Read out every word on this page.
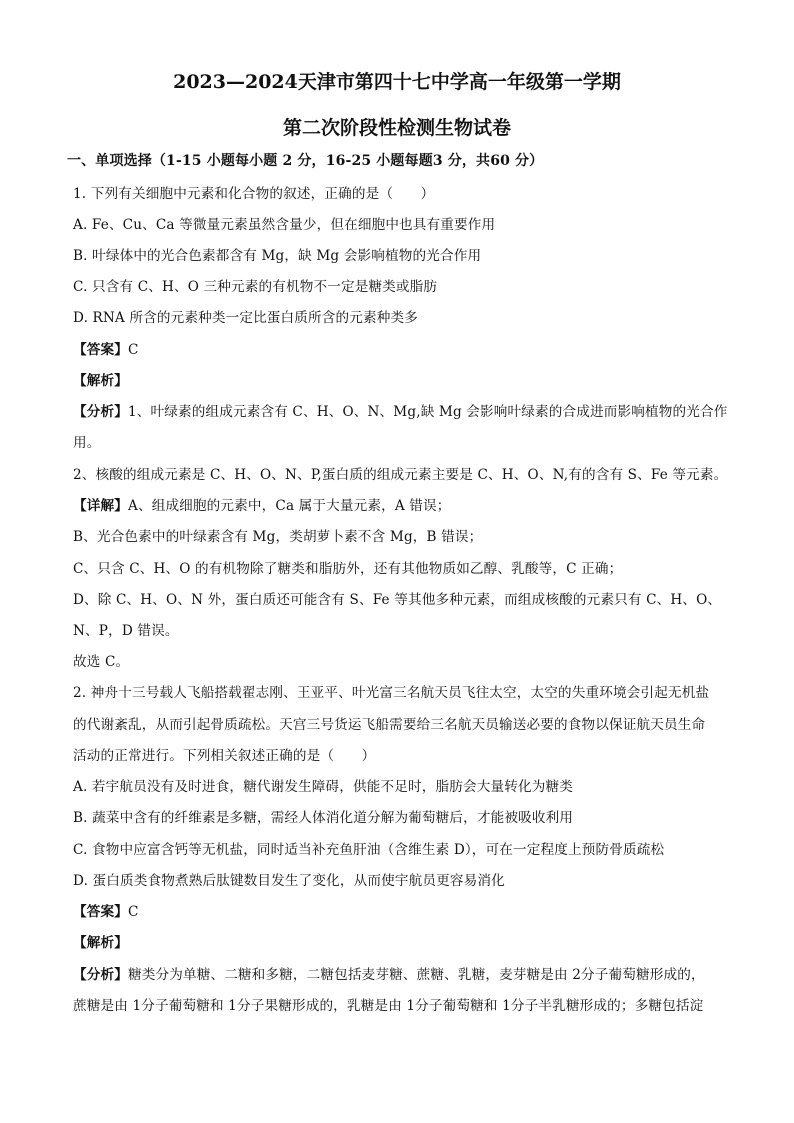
2023—2024天津市第四十七中学高一年级第一学期
第二次阶段性检测生物试卷
一、单项选择（1-15 小题每小题 2 分，16-25 小题每题3 分，共60 分）
1. 下列有关细胞中元素和化合物的叙述，正确的是（　　）
A. Fe、Cu、Ca 等微量元素虽然含量少，但在细胞中也具有重要作用
B. 叶绿体中的光合色素都含有 Mg，缺 Mg 会影响植物的光合作用
C. 只含有 C、H、O 三种元素的有机物不一定是糖类或脂肪
D. RNA 所含的元素种类一定比蛋白质所含的元素种类多
【答案】C
【解析】
【分析】1、叶绿素的组成元素含有 C、H、O、N、Mg,缺 Mg 会影响叶绿素的合成进而影响植物的光合作
用。
2、核酸的组成元素是 C、H、O、N、P,蛋白质的组成元素主要是 C、H、O、N,有的含有 S、Fe 等元素。
【详解】A、组成细胞的元素中，Ca 属于大量元素，A 错误；
B、光合色素中的叶绿素含有 Mg，类胡萝卜素不含 Mg，B 错误；
C、只含 C、H、O 的有机物除了糖类和脂肪外，还有其他物质如乙醇、乳酸等，C 正确；
D、除 C、H、O、N 外，蛋白质还可能含有 S、Fe 等其他多种元素，而组成核酸的元素只有 C、H、O、
N、P，D 错误。
故选 C。
2. 神舟十三号载人飞船搭载翟志刚、王亚平、叶光富三名航天员飞往太空，太空的失重环境会引起无机盐
的代谢紊乱，从而引起骨质疏松。天宫三号货运飞船需要给三名航天员输送必要的食物以保证航天员生命
活动的正常进行。下列相关叙述正确的是（　　）
A. 若宇航员没有及时进食，糖代谢发生障碍，供能不足时，脂肪会大量转化为糖类
B. 蔬菜中含有的纤维素是多糖，需经人体消化道分解为葡萄糖后，才能被吸收利用
C. 食物中应富含钙等无机盐，同时适当补充鱼肝油（含维生素 D），可在一定程度上预防骨质疏松
D. 蛋白质类食物煮熟后肽键数目发生了变化，从而使宇航员更容易消化
【答案】C
【解析】
【分析】糖类分为单糖、二糖和多糖，二糖包括麦芽糖、蔗糖、乳糖，麦芽糖是由 2分子葡萄糖形成的，
蔗糖是由 1分子葡萄糖和 1分子果糖形成的，乳糖是由 1分子葡萄糖和 1分子半乳糖形成的；多糖包括淀
